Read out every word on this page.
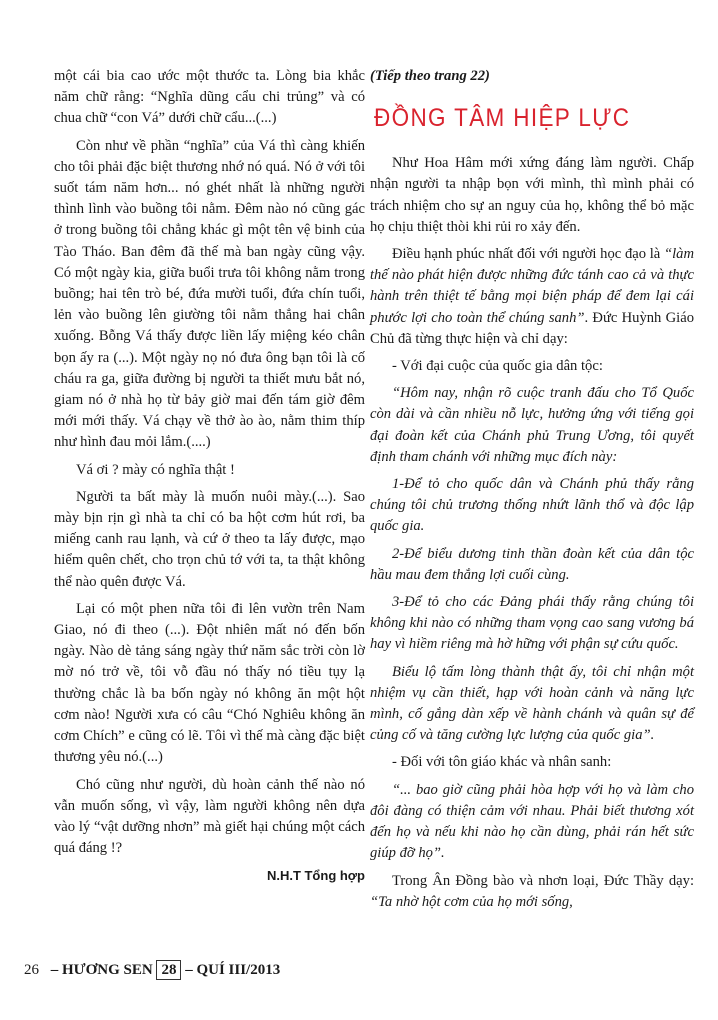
một cái bia cao ước một thước ta. Lòng bia khắc năm chữ rằng: “Nghĩa dũng cẩu chi trủng” và có chua chữ “con Vá” dưới chữ cẩu...(...)

Còn như về phần “nghĩa” của Vá thì càng khiến cho tôi phải đặc biệt thương nhớ nó quá. Nó ở với tôi suốt tám năm hơn... nó ghét nhất là những người thình lình vào buồng tôi nằm. Đêm nào nó cũng gác ở trong buồng tôi chẳng khác gì một tên vệ binh của Tào Tháo. Ban đêm đã thế mà ban ngày cũng vậy. Có một ngày kia, giữa buổi trưa tôi không nằm trong buồng; hai tên trò bé, đứa mười tuổi, đứa chín tuổi, lẻn vào buồng lên giường tôi nằm thẳng hai chân xuống. Bỗng Vá thấy được liền lấy miệng kéo chân bọn ấy ra (...). Một ngày nọ nó đưa ông bạn tôi là cố cháu ra ga, giữa đường bị người ta thiết mưu bắt nó, giam nó ở nhà họ từ bảy giờ mai đến tám giờ đêm mới mới thấy. Vá chạy về thở ào ào, nằm thim thíp như hình đau mỏi lắm.(....)

Vá ơi ? mày có nghĩa thật !

Người ta bất mày là muốn nuôi mày.(...). Sao mày bịn rịn gì nhà ta chỉ có ba hột cơm hút rơi, ba miếng canh rau lạnh, và cứ ở theo ta lấy được, mạo hiểm quên chết, cho trọn chủ tớ với ta, ta thật không thể nào quên được Vá.

Lại có một phen nữa tôi đi lên vườn trên Nam Giao, nó đi theo (...). Đột nhiên mất nó đến bốn ngày. Nào dè tảng sáng ngày thứ năm sắc trời còn lờ mờ nó trở về, tôi vỗ đầu nó thấy nó tiều tụy lạ thường chắc là ba bốn ngày nó không ăn một hột cơm nào! Người xưa có câu “Chó Nghiêu không ăn cơm Chích” e cũng có lẽ. Tôi vì thế mà càng đặc biệt thương yêu nó.(...)

Chó cũng như người, dù hoàn cảnh thế nào nó vẫn muốn sống, vì vậy, làm người không nên dựa vào lý “vật dưỡng nhơn” mà giết hại chúng một cách quá đáng !?

N.H.T Tổng hợp
(Tiếp theo trang 22)
ĐỒNG TÂM HIỆP LỰC

Như Hoa Hâm mới xứng đáng làm người. Chấp nhận người ta nhập bọn với mình, thì mình phải có trách nhiệm cho sự an nguy của họ, không thể bỏ mặc họ chịu thiệt thòi khi rủi ro xảy đến.

Điều hạnh phúc nhất đối với người học đạo là “làm thế nào phát hiện được những đức tánh cao cả và thực hành trên thiệt tế bằng mọi biện pháp để đem lại cái phước lợi cho toàn thể chúng sanh”. Đức Huỳnh Giáo Chủ đã từng thực hiện và chỉ dạy:

- Với đại cuộc của quốc gia dân tộc:

“Hôm nay, nhận rõ cuộc tranh đấu cho Tổ Quốc còn dài và cần nhiều nỗ lực, hưởng ứng với tiếng gọi đại đoàn kết của Chánh phủ Trung Ương, tôi quyết định tham chánh với những mục đích này:

1-Để tỏ cho quốc dân và Chánh phủ thấy rằng chúng tôi chủ trương thống nhứt lãnh thổ và độc lập quốc gia.

2-Để biểu dương tinh thần đoàn kết của dân tộc hầu mau đem thắng lợi cuối cùng.

3-Để tỏ cho các Đảng phái thấy rằng chúng tôi không khi nào có những tham vọng cao sang vương bá hay vì hiềm riêng mà hờ hững với phận sự cứu quốc.

Biểu lộ tấm lòng thành thật ấy, tôi chỉ nhận một nhiệm vụ cần thiết, hạp với hoàn cảnh và năng lực mình, cố gắng dàn xếp về hành chánh và quân sự để củng cố và tăng cường lực lượng của quốc gia”.

- Đối với tôn giáo khác và nhân sanh:

“... bao giờ cũng phải hòa hợp với họ và làm cho đôi đàng có thiện cảm với nhau. Phải biết thương xót đến họ và nếu khi nào họ cần dùng, phải rán hết sức giúp đỡ họ”.

Trong Ân Đồng bào và nhơn loại, Đức Thầy dạy: “Ta nhờ hột cơm của họ mới sống,

26 – HƯƠNG SEN 28 – QUÍ III/2013
